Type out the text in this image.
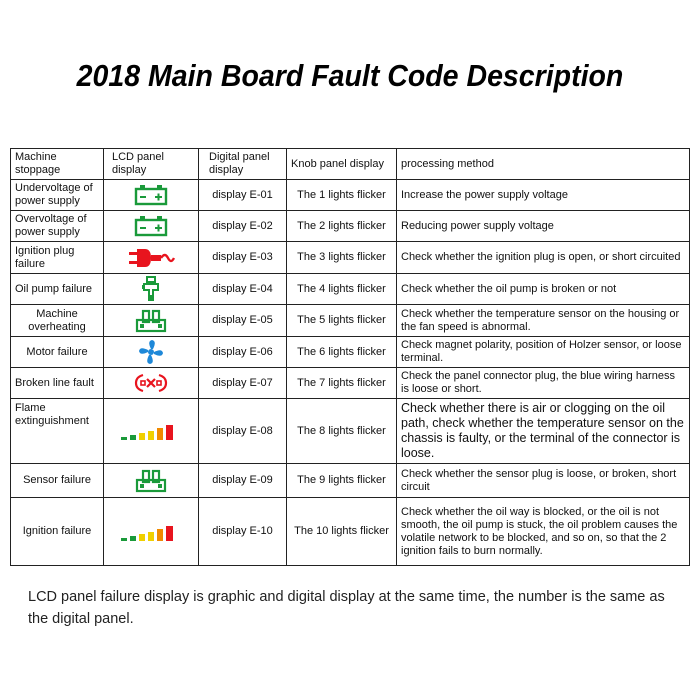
2018 Main Board Fault Code Description
Machine stoppage	LCD panel display	Digital panel display	Knob panel display	processing method
Undervoltage of power supply		display E-01	The 1 lights flicker	Increase the power supply voltage
Overvoltage of power supply		display E-02	The 2 lights flicker	Reducing power supply voltage
Ignition plug failure		display E-03	The 3 lights flicker	Check whether the ignition plug is open, or short circuited
Oil pump failure		display E-04	The 4 lights flicker	Check whether the oil pump is broken or not
Machine overheating		display E-05	The 5 lights flicker	Check whether the temperature sensor on the housing or the fan speed is abnormal.
Motor failure		display E-06	The 6 lights flicker	Check magnet polarity, position of Holzer sensor, or loose terminal.
Broken line fault		display E-07	The 7 lights flicker	Check the panel connector plug, the blue wiring harness is loose or short.
Flame extinguishment		display E-08	The 8 lights flicker	Check whether there is air or clogging on the oil path, check whether the temperature sensor on the chassis is faulty, or the terminal of the connector is loose.
Sensor failure		display E-09	The 9 lights flicker	Check whether the sensor plug is loose, or broken, short circuit
Ignition failure		display E-10	The 10 lights flicker	Check whether the oil way is blocked, or the oil is not smooth, the oil pump is stuck, the oil problem causes the volatile network to be blocked, and so on, so that the 2 ignition fails to burn normally.
LCD panel failure display is graphic and digital display at the same time, the number is the same as the digital panel.
